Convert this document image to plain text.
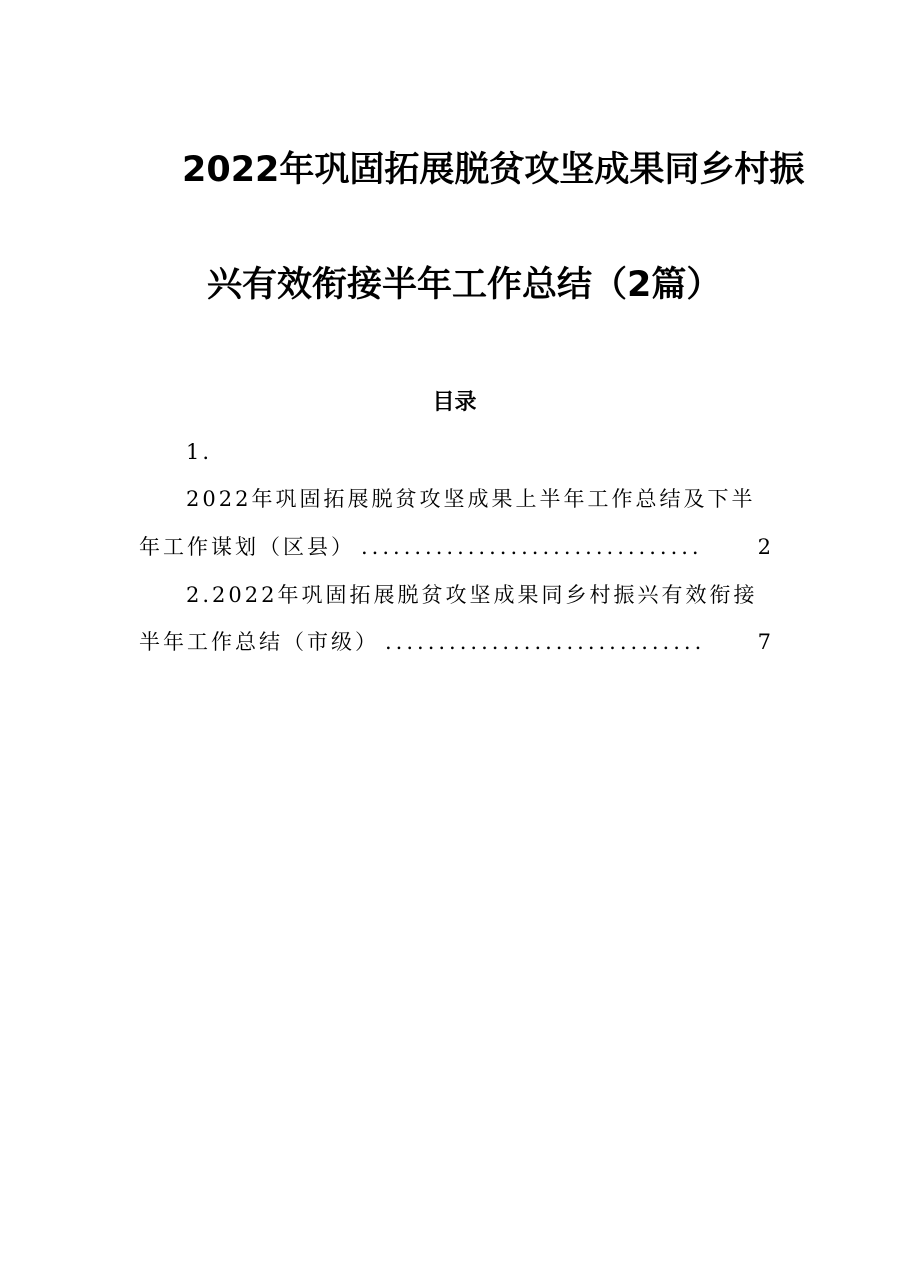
2022年巩固拓展脱贫攻坚成果同乡村振
兴有效衔接半年工作总结（2篇）
目录
1.
2022年巩固拓展脱贫攻坚成果上半年工作总结及下半
年工作谋划（区县） ................................	2
2.2022年巩固拓展脱贫攻坚成果同乡村振兴有效衔接
半年工作总结（市级） ..............................	7
